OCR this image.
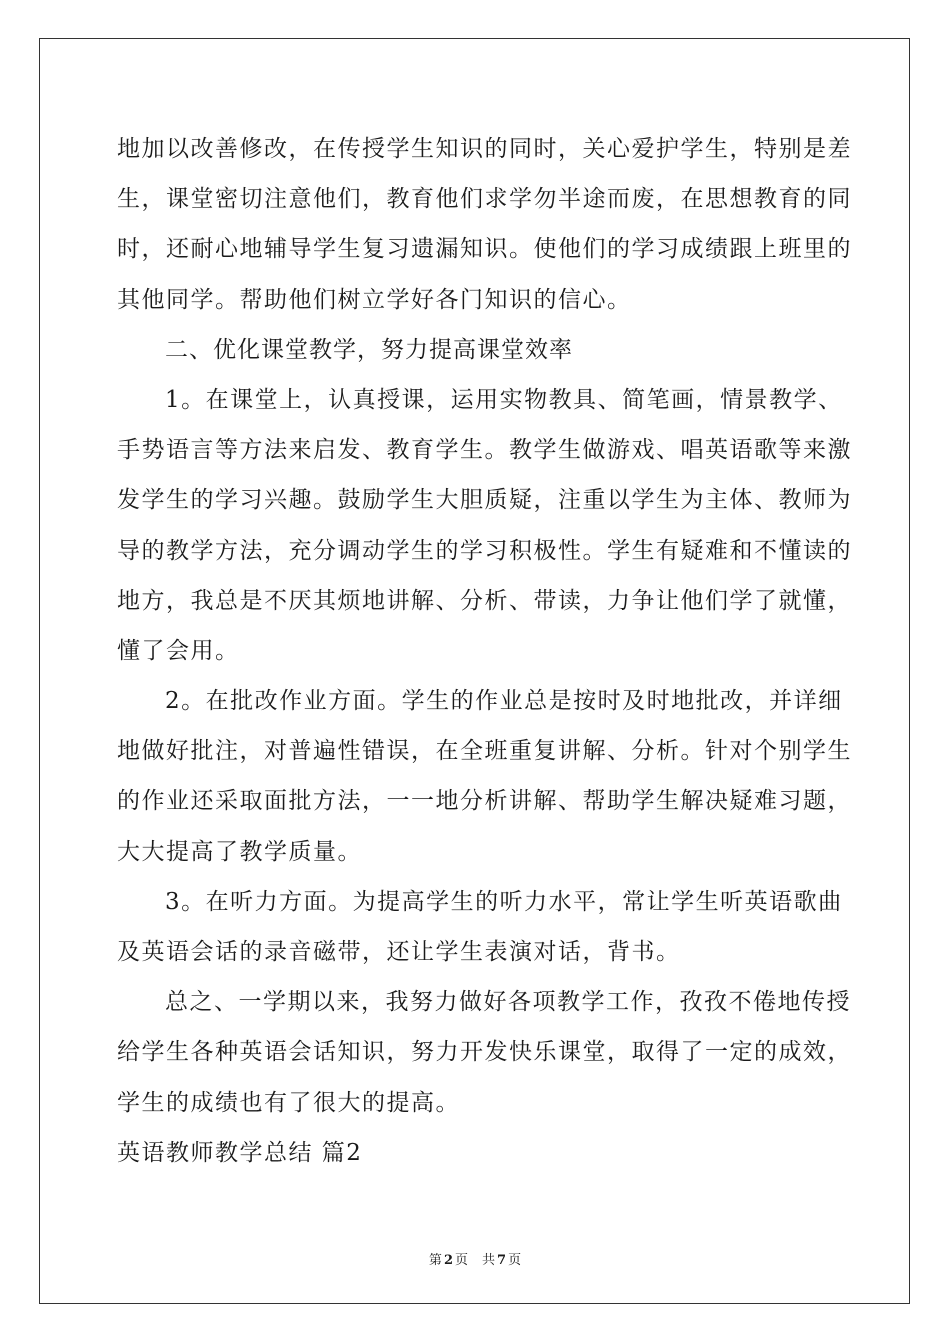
地加以改善修改，在传授学生知识的同时，关心爱护学生，特别是差
生，课堂密切注意他们，教育他们求学勿半途而废，在思想教育的同
时，还耐心地辅导学生复习遗漏知识。使他们的学习成绩跟上班里的
其他同学。帮助他们树立学好各门知识的信心。
二、优化课堂教学，努力提高课堂效率
1。在课堂上，认真授课，运用实物教具、简笔画，情景教学、
手势语言等方法来启发、教育学生。教学生做游戏、唱英语歌等来激
发学生的学习兴趣。鼓励学生大胆质疑，注重以学生为主体、教师为
导的教学方法，充分调动学生的学习积极性。学生有疑难和不懂读的
地方，我总是不厌其烦地讲解、分析、带读，力争让他们学了就懂，
懂了会用。
2。在批改作业方面。学生的作业总是按时及时地批改，并详细
地做好批注，对普遍性错误，在全班重复讲解、分析。针对个别学生
的作业还采取面批方法，一一地分析讲解、帮助学生解决疑难习题，
大大提高了教学质量。
3。在听力方面。为提高学生的听力水平，常让学生听英语歌曲
及英语会话的录音磁带，还让学生表演对话，背书。
总之、一学期以来，我努力做好各项教学工作，孜孜不倦地传授
给学生各种英语会话知识，努力开发快乐课堂，取得了一定的成效，
学生的成绩也有了很大的提高。
英语教师教学总结 篇2
第 2 页 共 7 页
